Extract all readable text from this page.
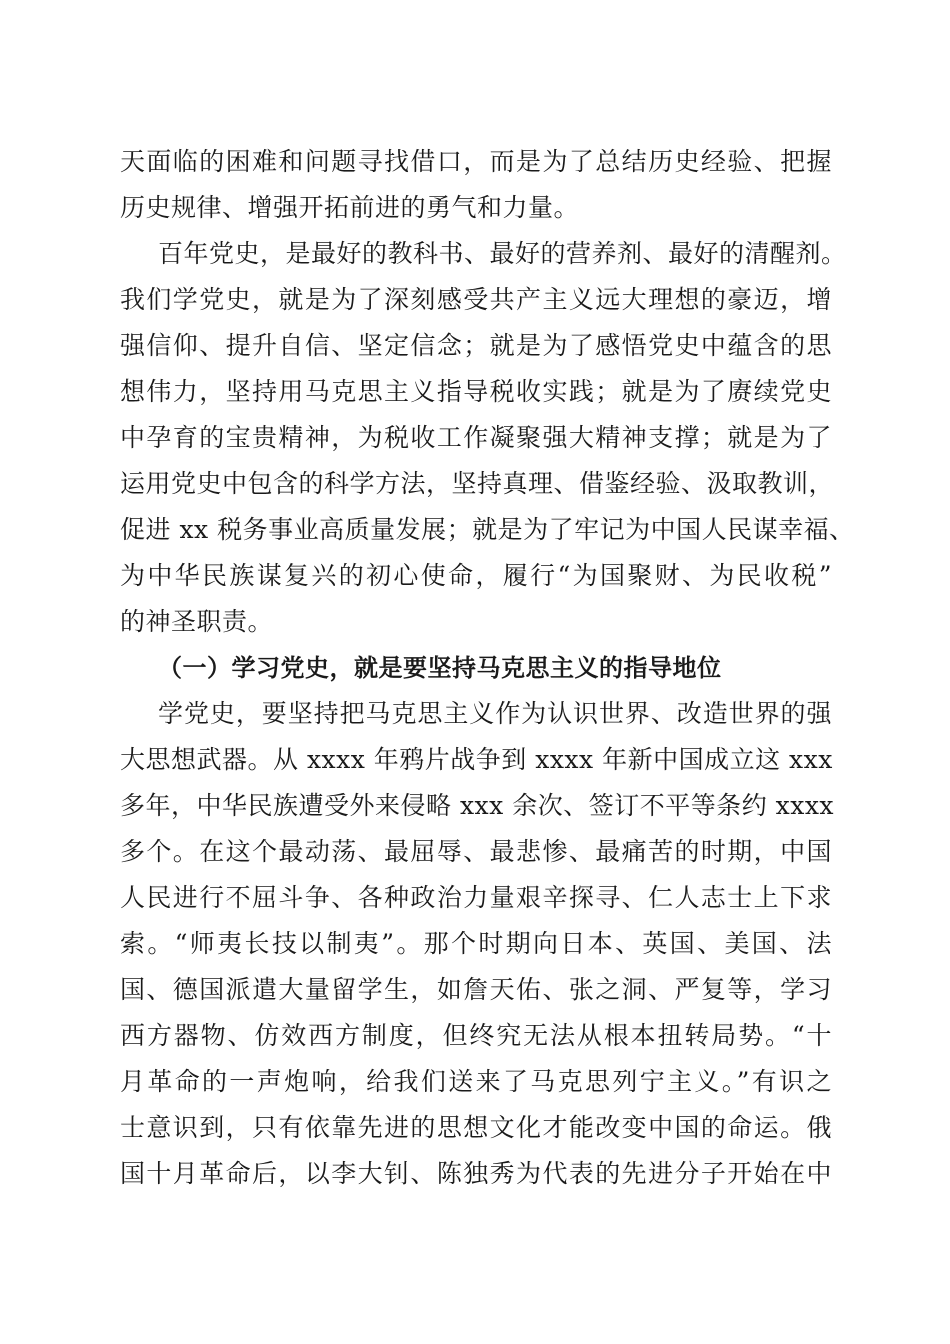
天面临的困难和问题寻找借口，而是为了总结历史经验、把握
历史规律、增强开拓前进的勇气和力量。
百年党史，是最好的教科书、最好的营养剂、最好的清醒剂。
我们学党史，就是为了深刻感受共产主义远大理想的豪迈，增
强信仰、提升自信、坚定信念；就是为了感悟党史中蕴含的思
想伟力，坚持用马克思主义指导税收实践；就是为了赓续党史
中孕育的宝贵精神，为税收工作凝聚强大精神支撑；就是为了
运用党史中包含的科学方法，坚持真理、借鉴经验、汲取教训，
促进 xx 税务事业高质量发展；就是为了牢记为中国人民谋幸福、
为中华民族谋复兴的初心使命，履行“为国聚财、为民收税”
的神圣职责。
（一）学习党史，就是要坚持马克思主义的指导地位
学党史，要坚持把马克思主义作为认识世界、改造世界的强
大思想武器。从 xxxx 年鸦片战争到 xxxx 年新中国成立这 xxx
多年，中华民族遭受外来侵略 xxx 余次、签订不平等条约 xxxx
多个。在这个最动荡、最屈辱、最悲惨、最痛苦的时期，中国
人民进行不屈斗争、各种政治力量艰辛探寻、仁人志士上下求
索。“师夷长技以制夷”。那个时期向日本、英国、美国、法
国、德国派遣大量留学生，如詹天佑、张之洞、严复等，学习
西方器物、仿效西方制度，但终究无法从根本扭转局势。“十
月革命的一声炮响，给我们送来了马克思列宁主义。”有识之
士意识到，只有依靠先进的思想文化才能改变中国的命运。俄
国十月革命后，以李大钊、陈独秀为代表的先进分子开始在中
